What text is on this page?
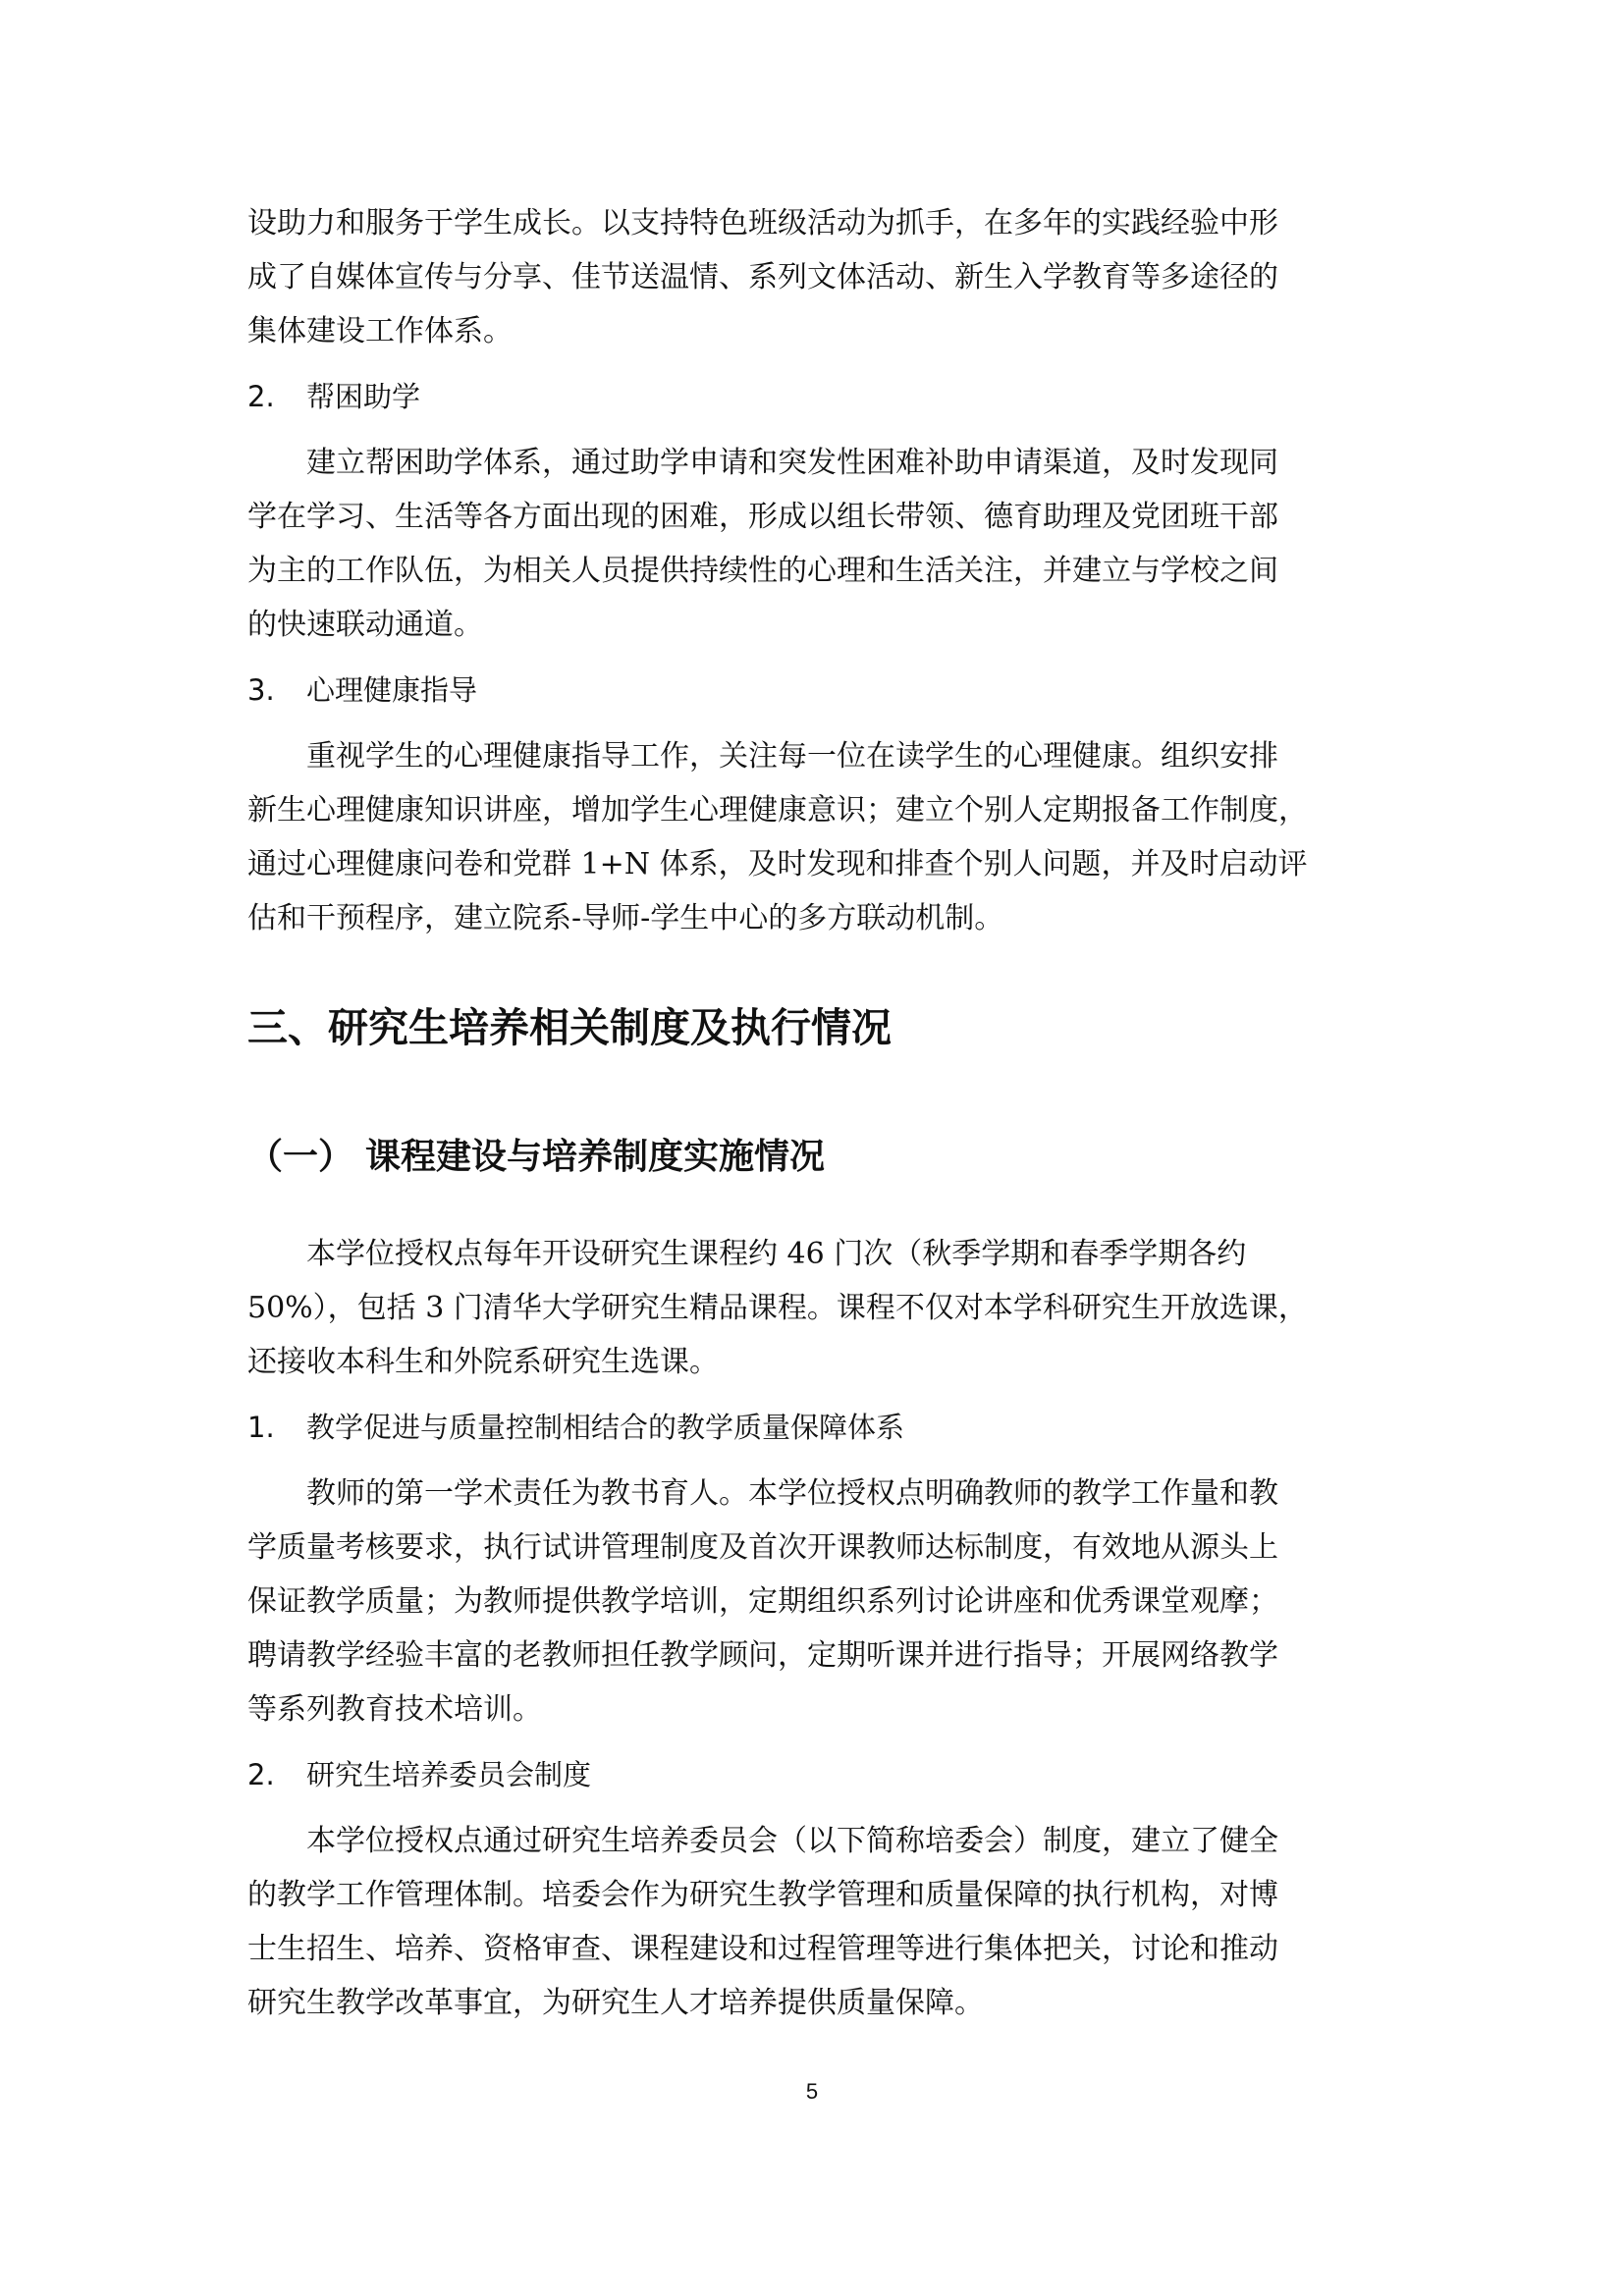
设助力和服务于学生成长。以支持特色班级活动为抓手，在多年的实践经验中形
成了自媒体宣传与分享、佳节送温情、系列文体活动、新生入学教育等多途径的
集体建设工作体系。

2.	帮困助学

建立帮困助学体系，通过助学申请和突发性困难补助申请渠道，及时发现同
学在学习、生活等各方面出现的困难，形成以组长带领、德育助理及党团班干部
为主的工作队伍，为相关人员提供持续性的心理和生活关注，并建立与学校之间
的快速联动通道。

3.	心理健康指导

重视学生的心理健康指导工作，关注每一位在读学生的心理健康。组织安排
新生心理健康知识讲座，增加学生心理健康意识；建立个别人定期报备工作制度，
通过心理健康问卷和党群 1+N 体系，及时发现和排查个别人问题，并及时启动评
估和干预程序，建立院系-导师-学生中心的多方联动机制。

三、研究生培养相关制度及执行情况
（一） 课程建设与培养制度实施情况

本学位授权点每年开设研究生课程约 46 门次（秋季学期和春季学期各约
50%），包括 3 门清华大学研究生精品课程。课程不仅对本学科研究生开放选课，
还接收本科生和外院系研究生选课。

1.	教学促进与质量控制相结合的教学质量保障体系

教师的第一学术责任为教书育人。本学位授权点明确教师的教学工作量和教
学质量考核要求，执行试讲管理制度及首次开课教师达标制度，有效地从源头上
保证教学质量；为教师提供教学培训，定期组织系列讨论讲座和优秀课堂观摩；
聘请教学经验丰富的老教师担任教学顾问，定期听课并进行指导；开展网络教学
等系列教育技术培训。

2.	研究生培养委员会制度

本学位授权点通过研究生培养委员会（以下简称培委会）制度，建立了健全
的教学工作管理体制。培委会作为研究生教学管理和质量保障的执行机构，对博
士生招生、培养、资格审查、课程建设和过程管理等进行集体把关，讨论和推动
研究生教学改革事宜，为研究生人才培养提供质量保障。

5
